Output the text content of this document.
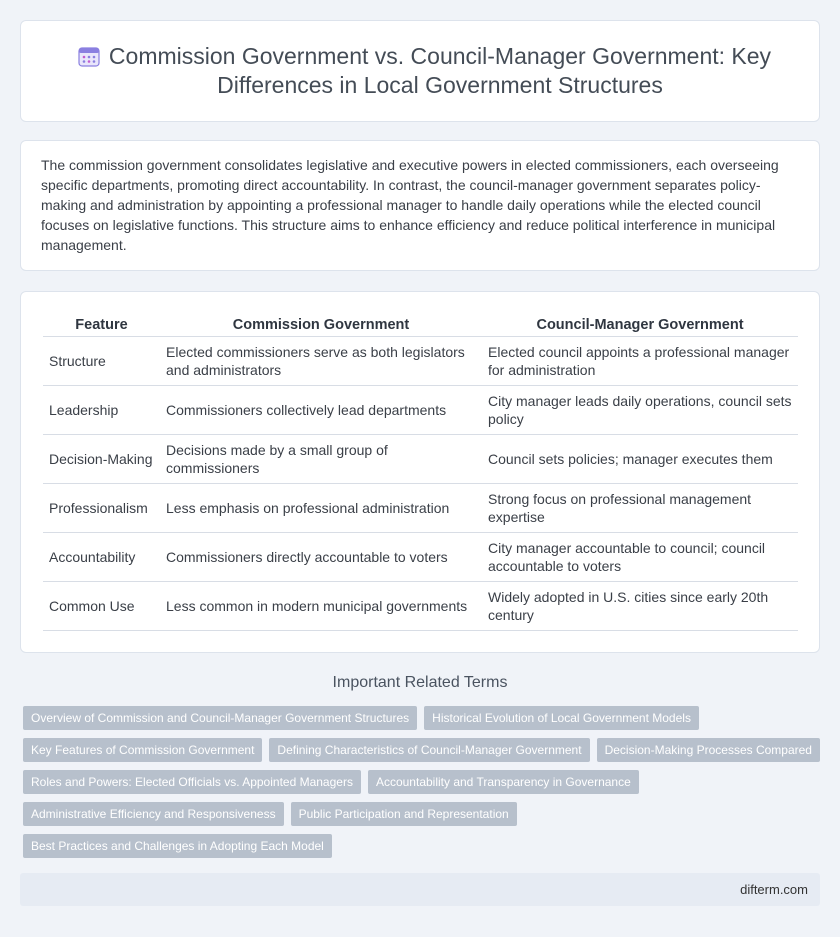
Commission Government vs. Council-Manager Government: Key Differences in Local Government Structures

The commission government consolidates legislative and executive powers in elected commissioners, each overseeing specific departments, promoting direct accountability. In contrast, the council-manager government separates policy-making and administration by appointing a professional manager to handle daily operations while the elected council focuses on legislative functions. This structure aims to enhance efficiency and reduce political interference in municipal management.

Feature	Commission Government	Council-Manager Government
Structure	Elected commissioners serve as both legislators and administrators	Elected council appoints a professional manager for administration
Leadership	Commissioners collectively lead departments	City manager leads daily operations, council sets policy
Decision-Making	Decisions made by a small group of commissioners	Council sets policies; manager executes them
Professionalism	Less emphasis on professional administration	Strong focus on professional management expertise
Accountability	Commissioners directly accountable to voters	City manager accountable to council; council accountable to voters
Common Use	Less common in modern municipal governments	Widely adopted in U.S. cities since early 20th century
Important Related Terms
Overview of Commission and Council-Manager Government Structures	Historical Evolution of Local Government Models
Key Features of Commission Government	Defining Characteristics of Council-Manager Government	Decision-Making Processes Compared
Roles and Powers: Elected Officials vs. Appointed Managers	Accountability and Transparency in Governance
Administrative Efficiency and Responsiveness	Public Participation and Representation
Best Practices and Challenges in Adopting Each Model
difterm.com
